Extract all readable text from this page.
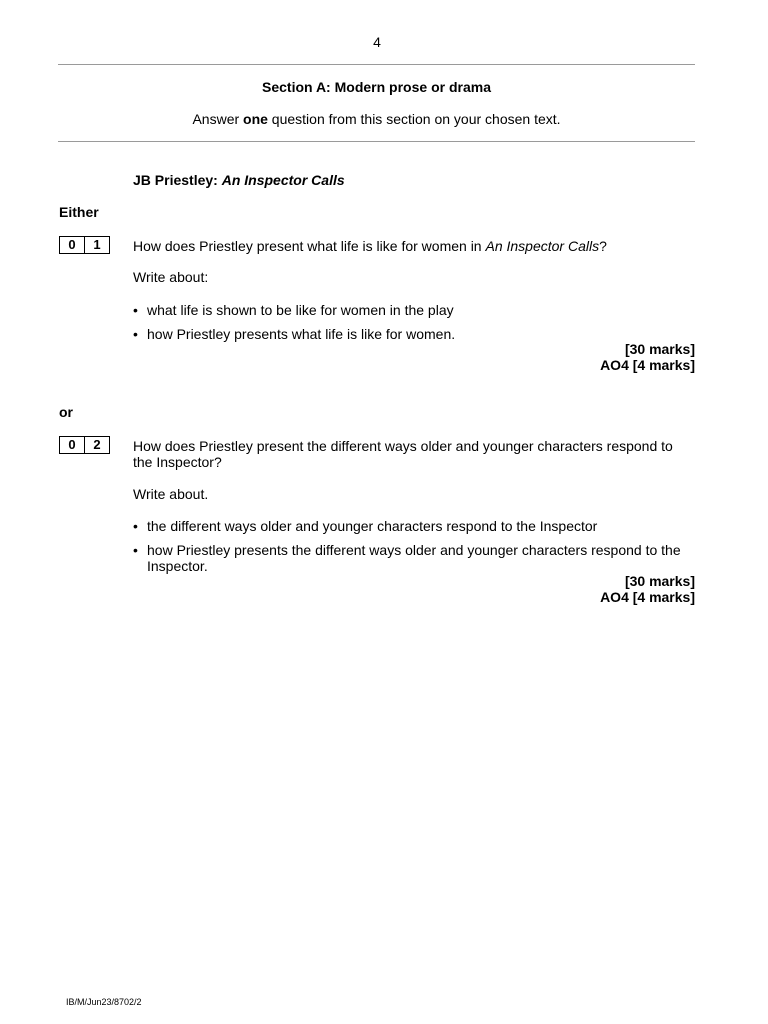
4
Section A: Modern prose or drama
Answer one question from this section on your chosen text.
JB Priestley: An Inspector Calls
Either
0	1	How does Priestley present what life is like for women in An Inspector Calls?
Write about:
• what life is shown to be like for women in the play
• how Priestley presents what life is like for women.
[30 marks]
AO4 [4 marks]
or
0	2	How does Priestley present the different ways older and younger characters respond to the Inspector?
Write about.
• the different ways older and younger characters respond to the Inspector
• how Priestley presents the different ways older and younger characters respond to the Inspector.
[30 marks]
AO4 [4 marks]
IB/M/Jun23/8702/2
